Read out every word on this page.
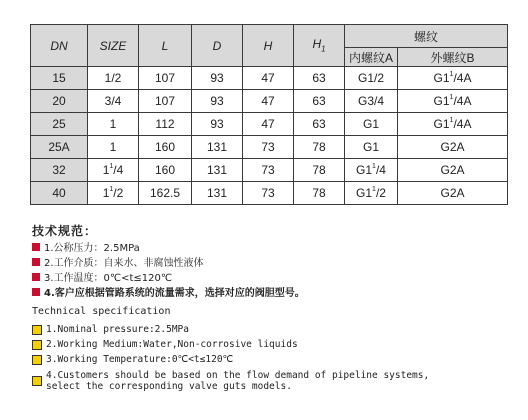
DN	SIZE	L	D	H	$H_1$	螺纹	
						内螺纹A	外螺纹B
15	1/2	107	93	47	63	G1/2	$G1^1/4A$
20	3/4	107	93	47	63	G3/4	$G1^1/4A$
25	1	112	93	47	63	G1	$G1^1/4A$
25A	1	160	131	73	78	G1	G2A
32	$1^1/4$	160	131	73	78	$G1^1/4$	G2A
40	$1^1/2$	162.5	131	73	78	$G1^1/2$	G2A
技术规范：
1.公称压力：2.5MPa
2.工作介质：自来水、非腐蚀性液体
3.工作温度：0℃<t≤120℃
4.客户应根据管路系统的流量需求，选择对应的阀胆型号。
Technical specification
1.Nominal pressure:2.5MPa
2.Working Medium:Water,Non-corrosive liquids
3.Working Temperature:0℃<t≤120℃
4.Customers should be based on the flow demand of pipeline systems,
select the corresponding valve guts models.
